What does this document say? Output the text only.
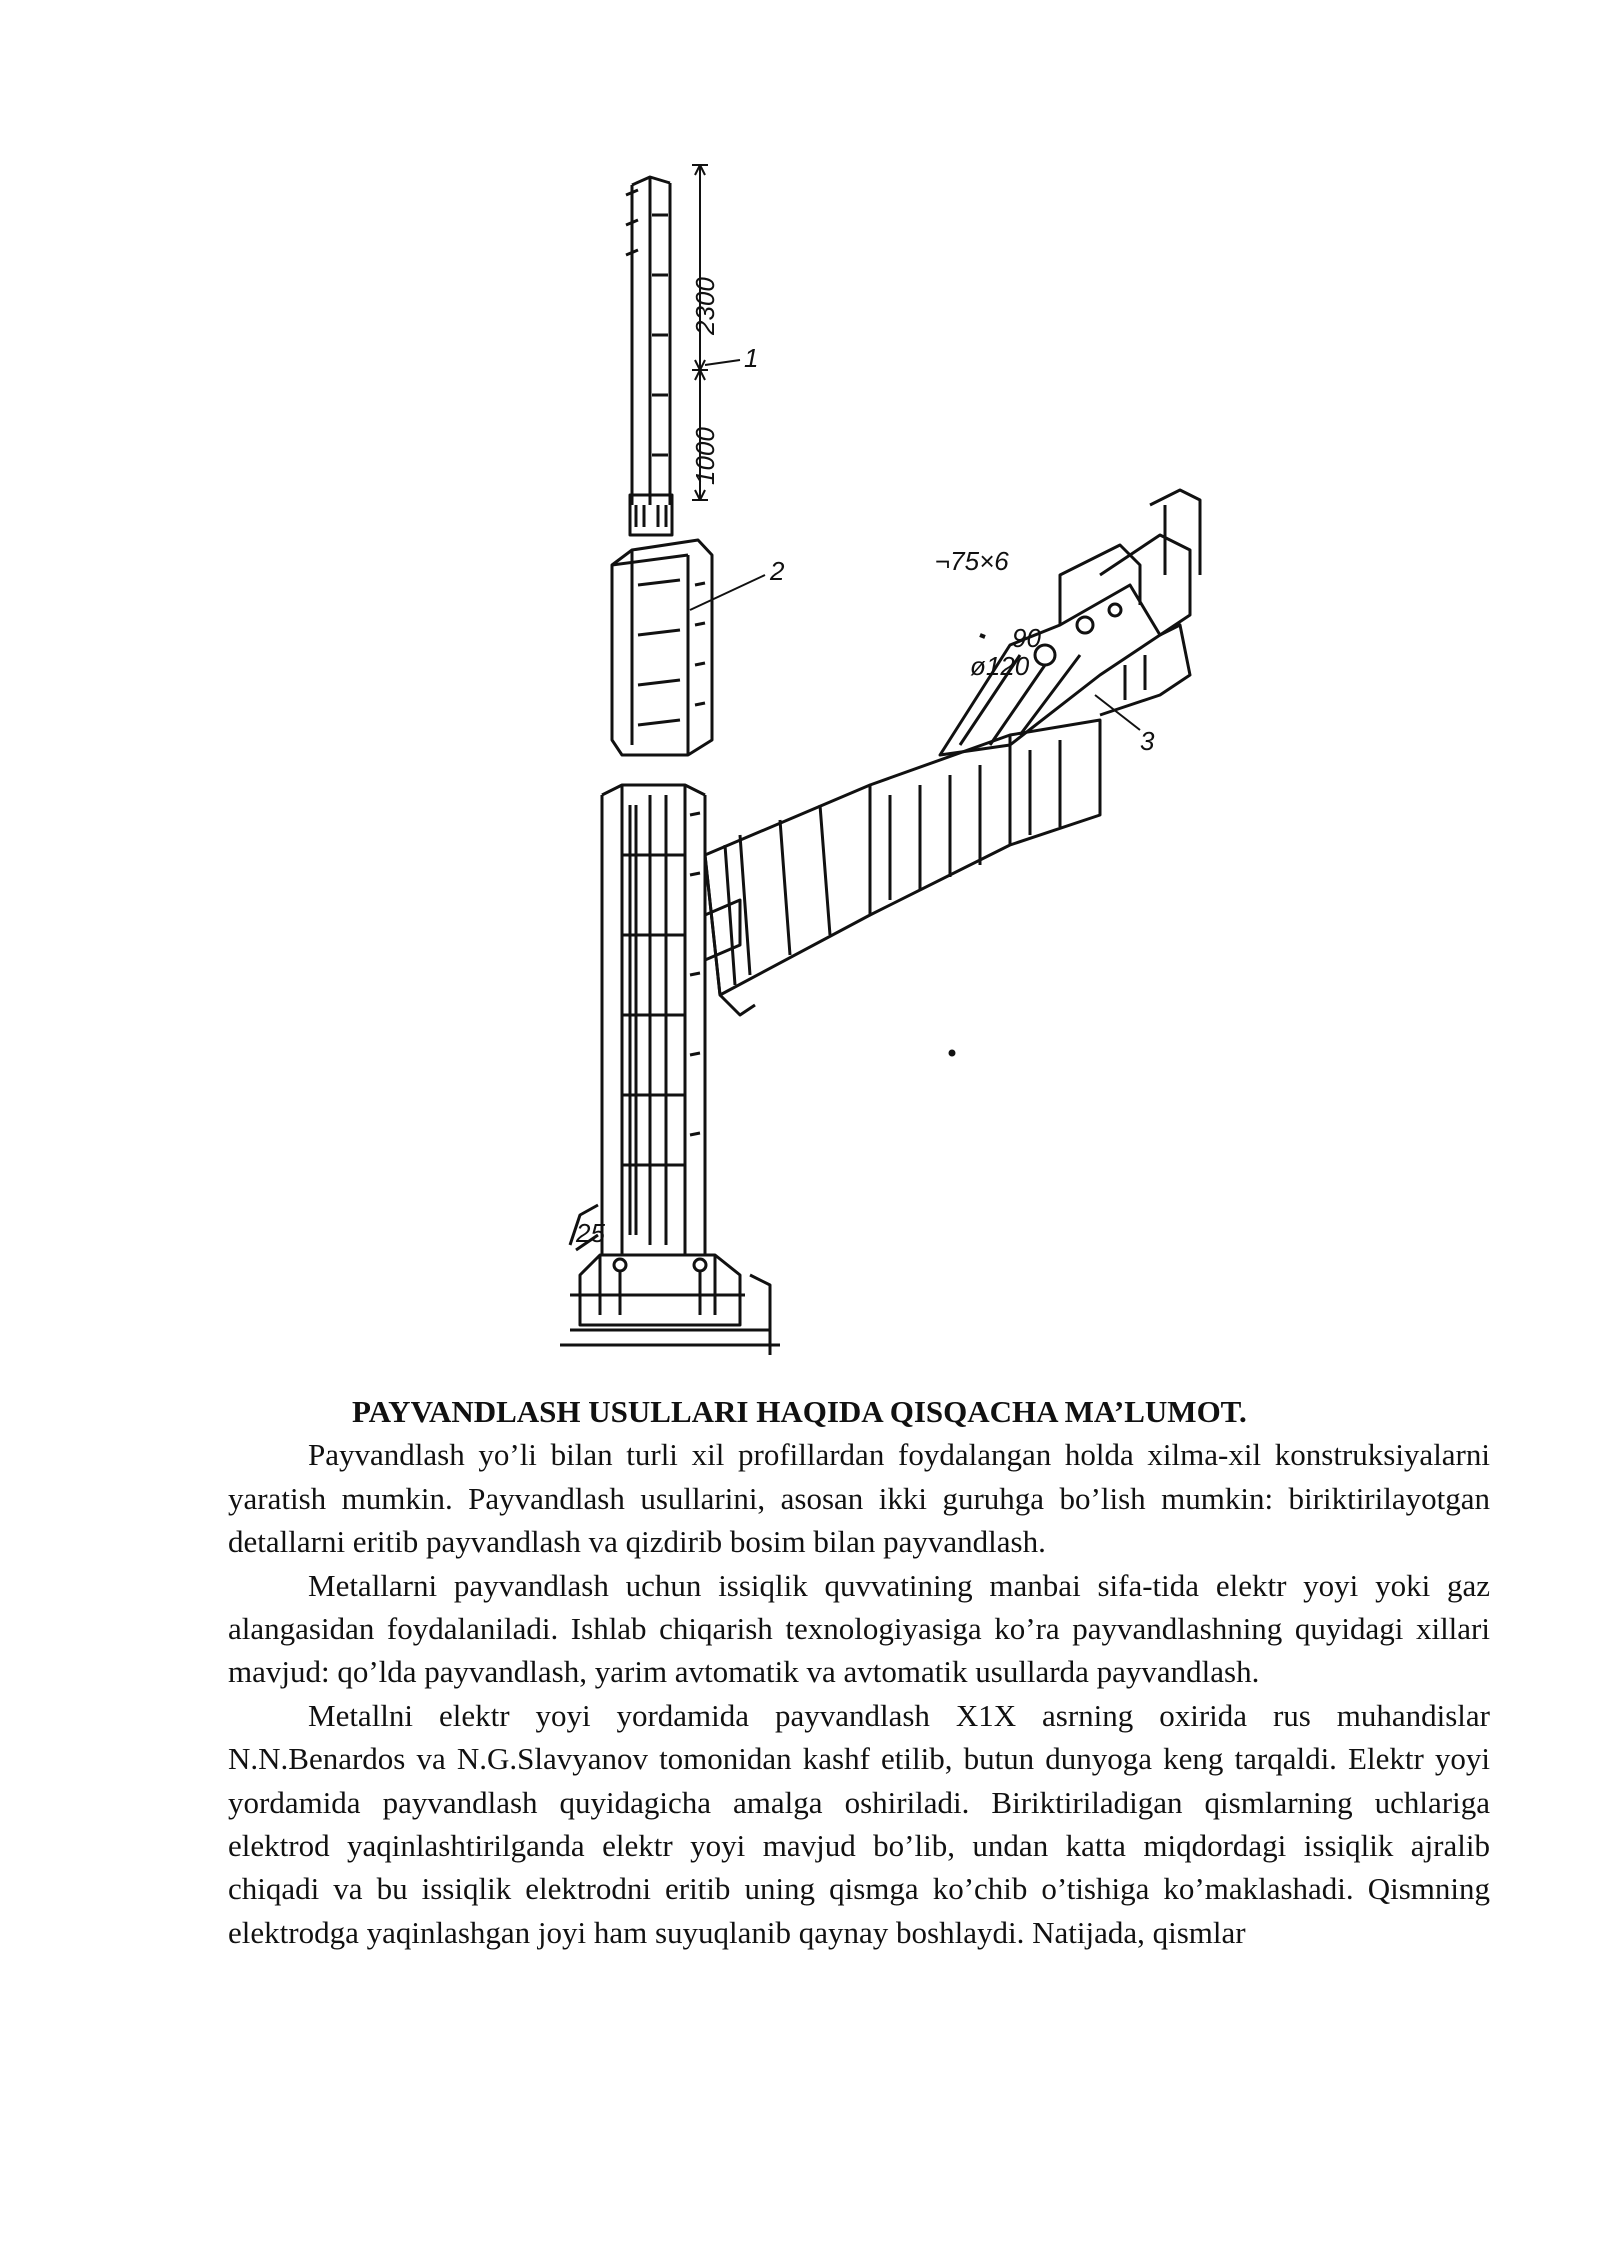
2300
1000
1
2
3
¬75×6
90
ø120
25
PAYVANDLASH USULLARI HAQIDA QISQACHA MA’LUMOT.

Payvandlash yo’li bilan turli xil profillardan foydalangan holda xilma-xil konstruksiyalarni yaratish mumkin. Payvandlash usullarini, asosan ikki guruhga bo’lish mumkin: biriktirilayotgan detallarni eritib payvandlash va qizdirib bosim bilan payvandlash.

Metallarni payvandlash uchun issiqlik quvvatining manbai sifa-tida elektr yoyi yoki gaz alangasidan foydalaniladi. Ishlab chiqarish texnologiyasiga ko’ra payvandlashning quyidagi xillari mavjud: qo’lda payvandlash, yarim avtomatik va avtomatik usullarda payvandlash.

Metallni elektr yoyi yordamida payvandlash X1X asrning oxirida rus muhandislar N.N.Benardos va N.G.Slavyanov tomonidan kashf etilib, butun dunyoga keng tarqaldi. Elektr yoyi yordamida payvandlash quyidagicha amalga oshiriladi. Biriktiriladigan qismlarning uchlariga elektrod yaqinlashtirilganda elektr yoyi mavjud bo’lib, undan katta miqdordagi issiqlik ajralib chiqadi va bu issiqlik elektrodni eritib uning qismga ko’chib o’tishiga ko’maklashadi. Qismning elektrodga yaqinlashgan joyi ham suyuqlanib qaynay boshlaydi. Natijada, qismlar
